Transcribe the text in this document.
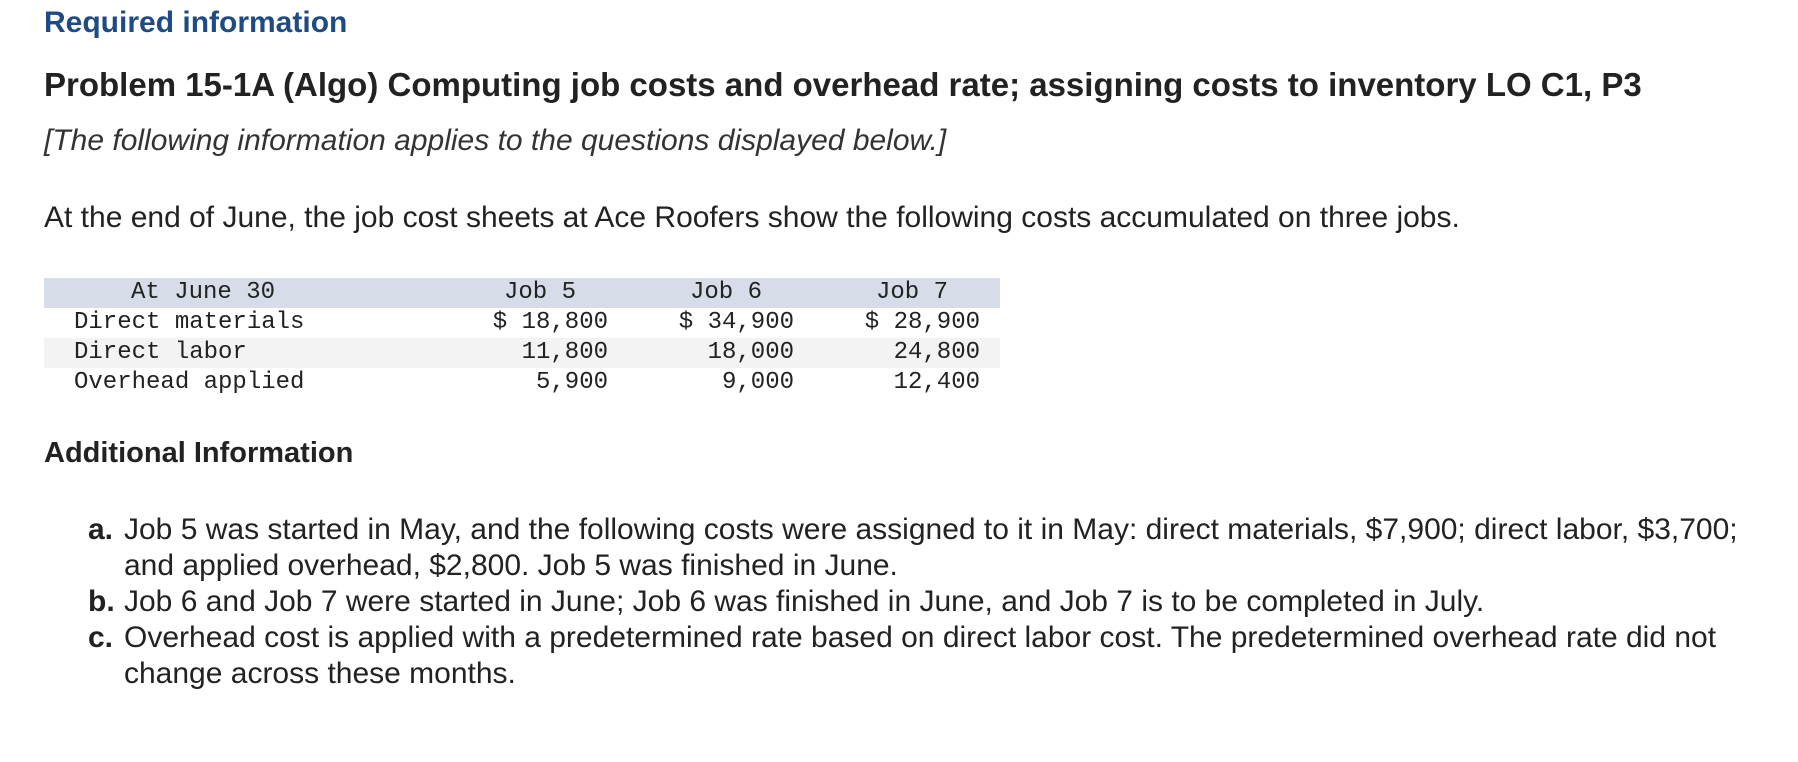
Required information
Problem 15-1A (Algo) Computing job costs and overhead rate; assigning costs to inventory LO C1, P3
[The following information applies to the questions displayed below.]
At the end of June, the job cost sheets at Ace Roofers show the following costs accumulated on three jobs.
At June 30	Job 5	Job 6	Job 7
Direct materials	$ 18,800	$ 34,900	$ 28,900
Direct labor	11,800	18,000	24,800
Overhead applied	5,900	9,000	12,400
Additional Information
a. Job 5 was started in May, and the following costs were assigned to it in May: direct materials, $7,900; direct labor, $3,700; and applied overhead, $2,800. Job 5 was finished in June.
b. Job 6 and Job 7 were started in June; Job 6 was finished in June, and Job 7 is to be completed in July.
c. Overhead cost is applied with a predetermined rate based on direct labor cost. The predetermined overhead rate did not change across these months.
